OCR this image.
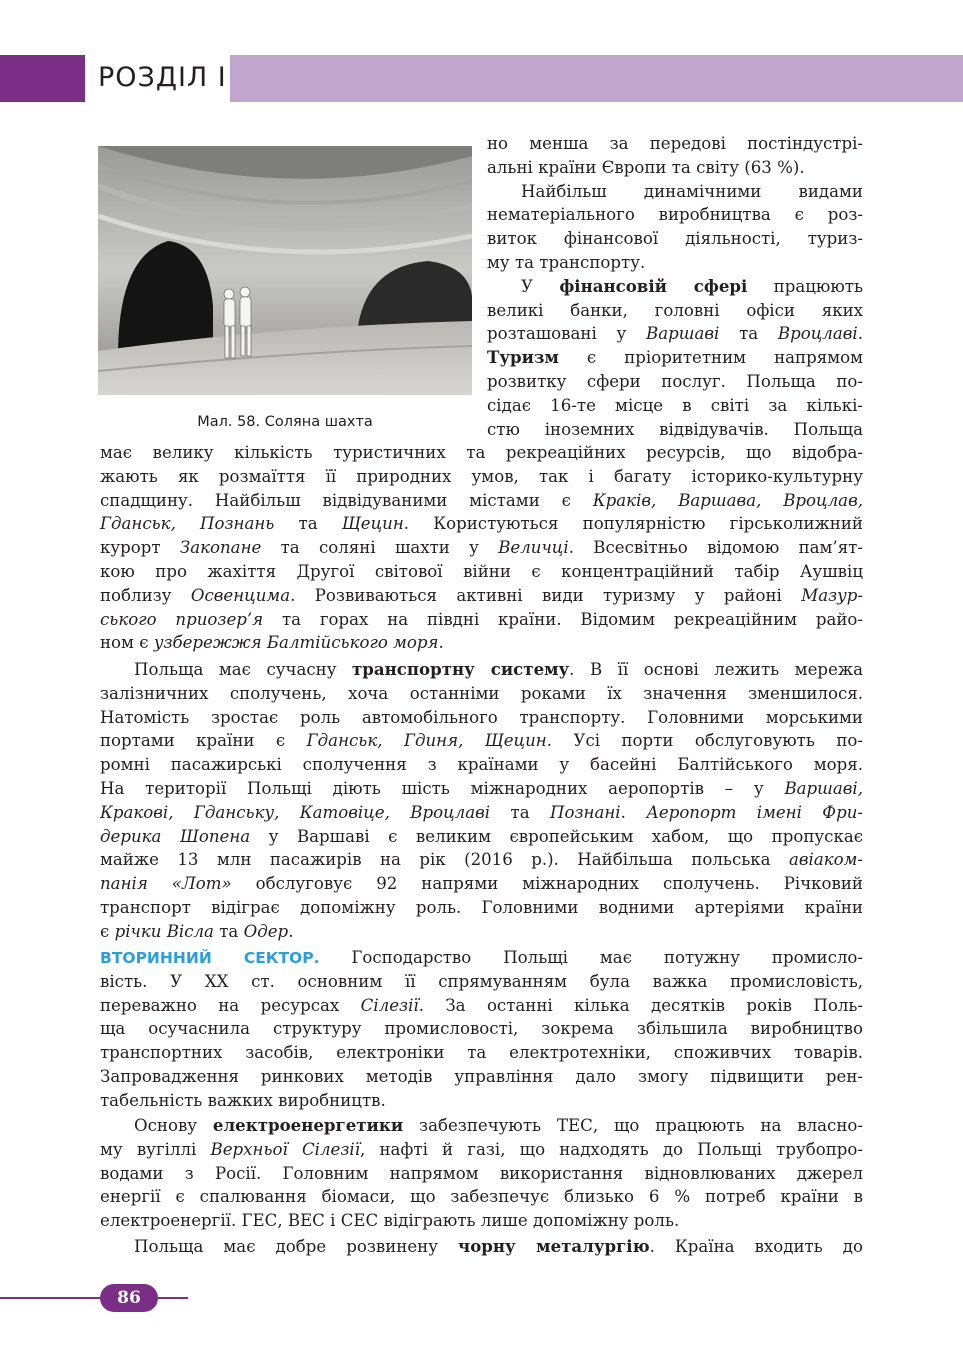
РОЗДІЛ I
Мал. 58. Соляна шахта
но менша за передові постіндустрі-
альні країни Європи та світу (63 %).
Найбільш динамічними видами
нематеріального виробництва є роз-
виток фінансової діяльності, туриз-
му та транспорту.
У фінансовій сфері працюють
великі банки, головні офіси яких
розташовані у Варшаві та Вроцлаві.
Туризм є пріоритетним напрямом
розвитку сфери послуг. Польща по-
сідає 16-те місце в світі за кількі-
стю іноземних відвідувачів. Польща
має велику кількість туристичних та рекреаційних ресурсів, що відобра-
жають як розмаїття її природних умов, так і багату історико-культурну
спадщину. Найбільш відвідуваними містами є Краків, Варшава, Вроцлав,
Гданськ, Познань та Щецин. Користуються популярністю гірськолижний
курорт Закопане та соляні шахти у Величці. Всесвітньо відомою пам’ят-
кою про жахіття Другої світової війни є концентраційний табір Аушвіц
поблизу Освенцима. Розвиваються активні види туризму у районі Мазур-
ського приозер’я та горах на півдні країни. Відомим рекреаційним райо-
ном є узбережжя Балтійського моря.
Польща має сучасну транспортну систему. В її основі лежить мережа
залізничних сполучень, хоча останніми роками їх значення зменшилося.
Натомість зростає роль автомобільного транспорту. Головними морськими
портами країни є Гданськ, Гдиня, Щецин. Усі порти обслуговують по-
ромні пасажирські сполучення з країнами у басейні Балтійського моря.
На території Польщі діють шість міжнародних аеропортів – у Варшаві,
Кракові, Гданську, Катовіце, Вроцлаві та Познані. Аеропорт імені Фри-
дерика Шопена у Варшаві є великим європейським хабом, що пропускає
майже 13 млн пасажирів на рік (2016 р.). Найбільша польська авіаком-
панія «Лот» обслуговує 92 напрями міжнародних сполучень. Річковий
транспорт відіграє допоміжну роль. Головними водними артеріями країни
є річки Вісла та Одер.
ВТОРИННИЙ СЕКТОР. Господарство Польщі має потужну промисло-
вість. У ХХ ст. основним її спрямуванням була важка промисловість,
переважно на ресурсах Сілезії. За останні кілька десятків років Поль-
ща осучаснила структуру промисловості, зокрема збільшила виробництво
транспортних засобів, електроніки та електротехніки, споживчих товарів.
Запровадження ринкових методів управління дало змогу підвищити рен-
табельність важких виробництв.
Основу електроенергетики забезпечують ТЕС, що працюють на власно-
му вугіллі Верхньої Сілезії, нафті й газі, що надходять до Польщі трубопро-
водами з Росії. Головним напрямом використання відновлюваних джерел
енергії є спалювання біомаси, що забезпечує близько 6 % потреб країни в
електроенергії. ГЕС, ВЕС і СЕС відіграють лише допоміжну роль.
Польща має добре розвинену чорну металургію. Країна входить до
86
